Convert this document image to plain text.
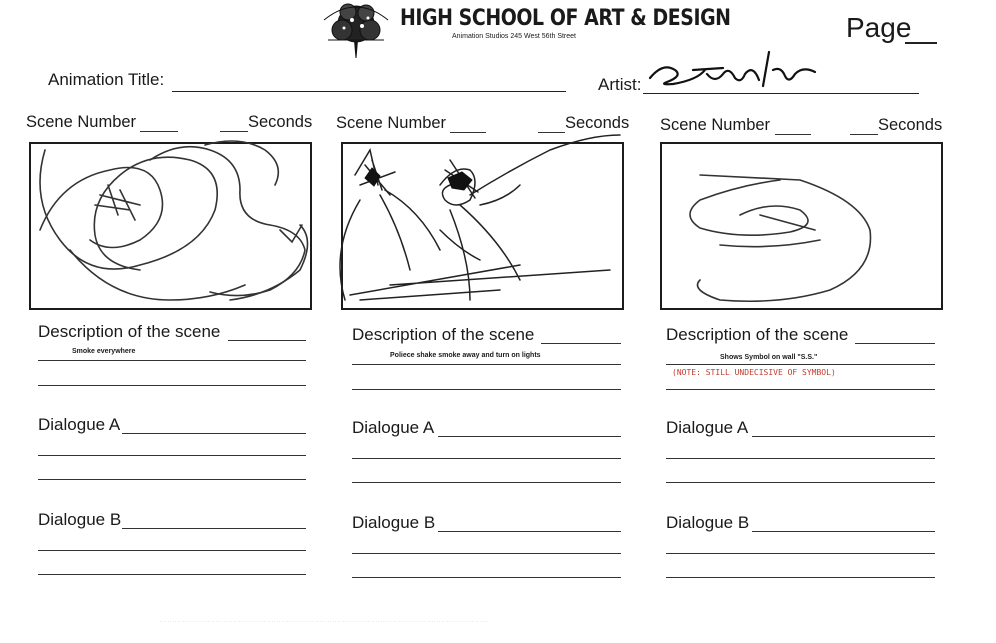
HIGH SCHOOL OF ART & DESIGN
Animation Studios 245 West 56th Street	Page
Animation Title:	Artist:
Scene Number	Seconds
Description of the scene
Smoke everywhere
Dialogue A
Dialogue B
Scene Number	Seconds
Description of the scene
Poliece shake smoke away and turn on lights
Dialogue A
Dialogue B
Scene Number	Seconds
Description of the scene
Shows Symbol on wall "S.S."
(NOTE: STILL UNDECISIVE OF SYMBOL)
Dialogue A
Dialogue B
· · · · · · · · · · · · · · · · · · · · · · · · · · · · · · · · · · · · · · · · · · · · · · · · · · · · · · · · · · · · · · · · · · · · · · · · · · · · · · · · · · · · · · · · · · · · · · · · · · · · · · · · · · · · · · · · · · · · · · · · · · · · · · · · · ·
